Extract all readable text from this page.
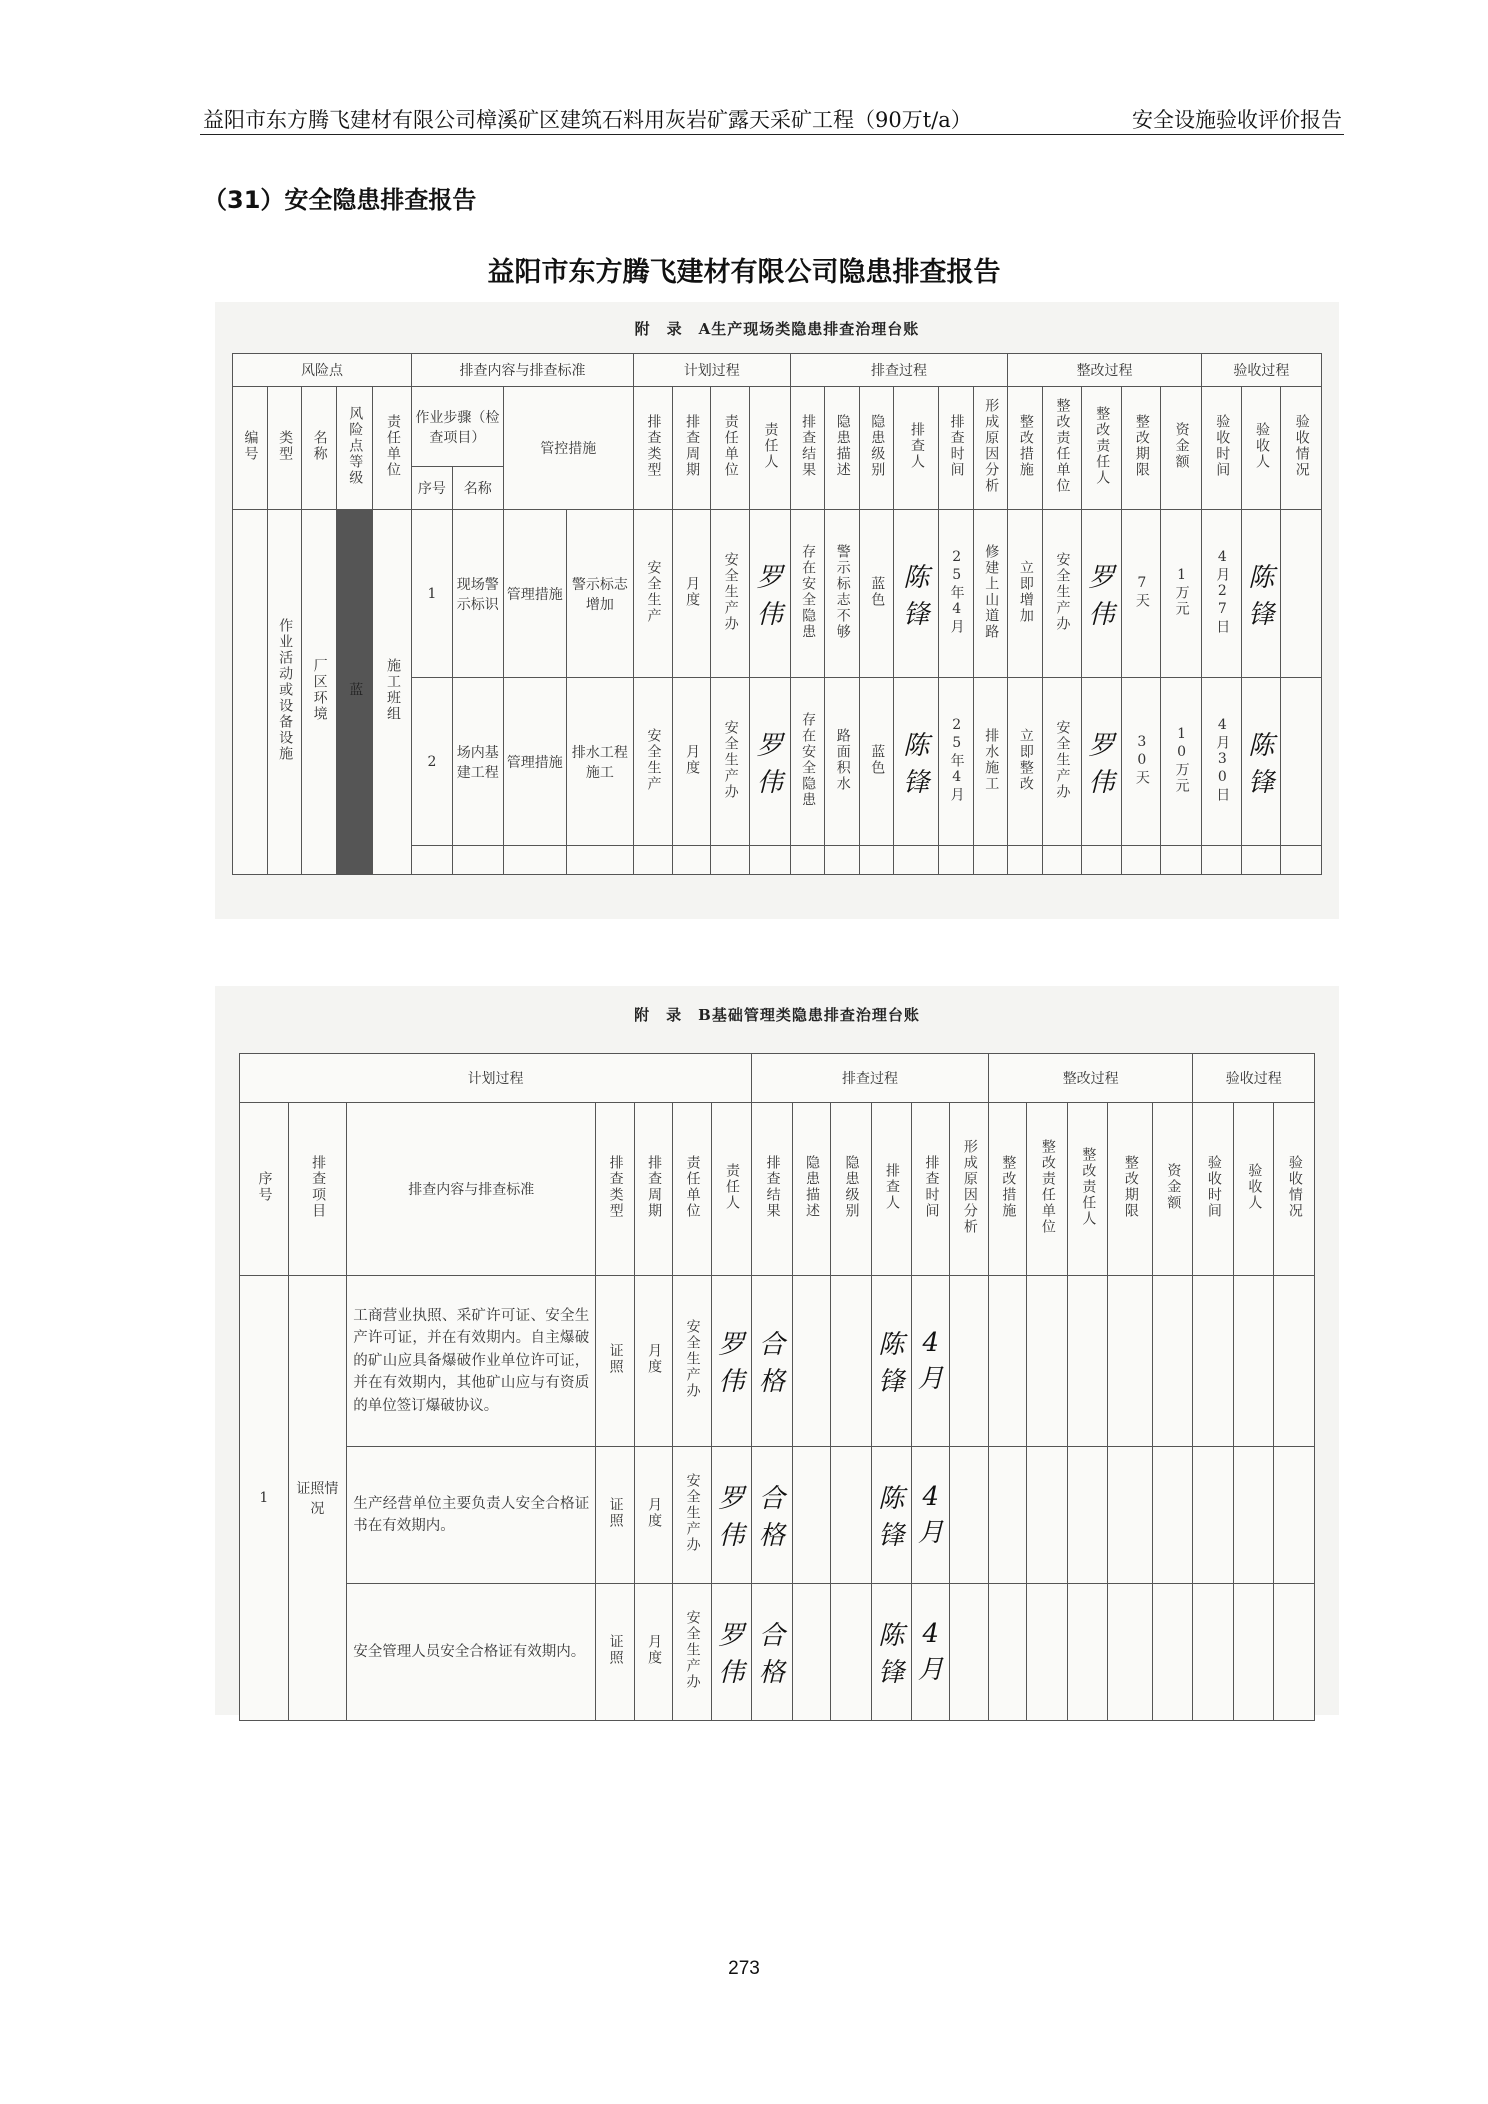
益阳市东方腾飞建材有限公司樟溪矿区建筑石料用灰岩矿露天采矿工程（90万t/a）	安全设施验收评价报告
（31）安全隐患排查报告
益阳市东方腾飞建材有限公司隐患排查报告
附　录　A生产现场类隐患排查治理台账
风险点					排查内容与排查标准				计划过程				排查过程						整改过程					验收过程		
编号	类型	名称	风险点等级	责任单位	作业步骤（检查项目）		管控措施		排查类型	排查周期	责任单位	责任人	排查结果	隐患描述	隐患级别	排查人	排查时间	形成原因分析	整改措施	整改责任单位	整改责任人	整改期限	资金额	验收时间	验收人	验收情况
					序号	名称																				
	作业活动或设备设施	厂区环境	蓝	施工班组	1	现场警示标识	管理措施	警示标志增加	安全生产	月度	安全生产办	罗伟	存在安全隐患	警示标志不够	蓝色	陈锋	25年4月	修建上山道路	立即增加	安全生产办	罗伟	7天	1万元	4月27日	陈锋	
					2	场内基建工程	管理措施	排水工程施工	安全生产	月度	安全生产办	罗伟	存在安全隐患	路面积水	蓝色	陈锋	25年4月	排水施工	立即整改	安全生产办	罗伟	30天	10万元	4月30日	陈锋	

附　录　B基础管理类隐患排查治理台账
计划过程							排查过程						整改过程					验收过程		
序号	排查项目	排查内容与排查标准	排查类型	排查周期	责任单位	责任人	排查结果	隐患描述	隐患级别	排查人	排查时间	形成原因分析	整改措施	整改责任单位	整改责任人	整改期限	资金额	验收时间	验收人	验收情况
1	证照情况	工商营业执照、采矿许可证、安全生产许可证，并在有效期内。自主爆破的矿山应具备爆破作业单位许可证，并在有效期内，其他矿山应与有资质的单位签订爆破协议。	证照	月度	安全生产办	罗伟	合格			陈锋	4月									
		生产经营单位主要负责人安全合格证书在有效期内。	证照	月度	安全生产办	罗伟	合格			陈锋	4月									
		安全管理人员安全合格证有效期内。	证照	月度	安全生产办	罗伟	合格			陈锋	4月									
273
